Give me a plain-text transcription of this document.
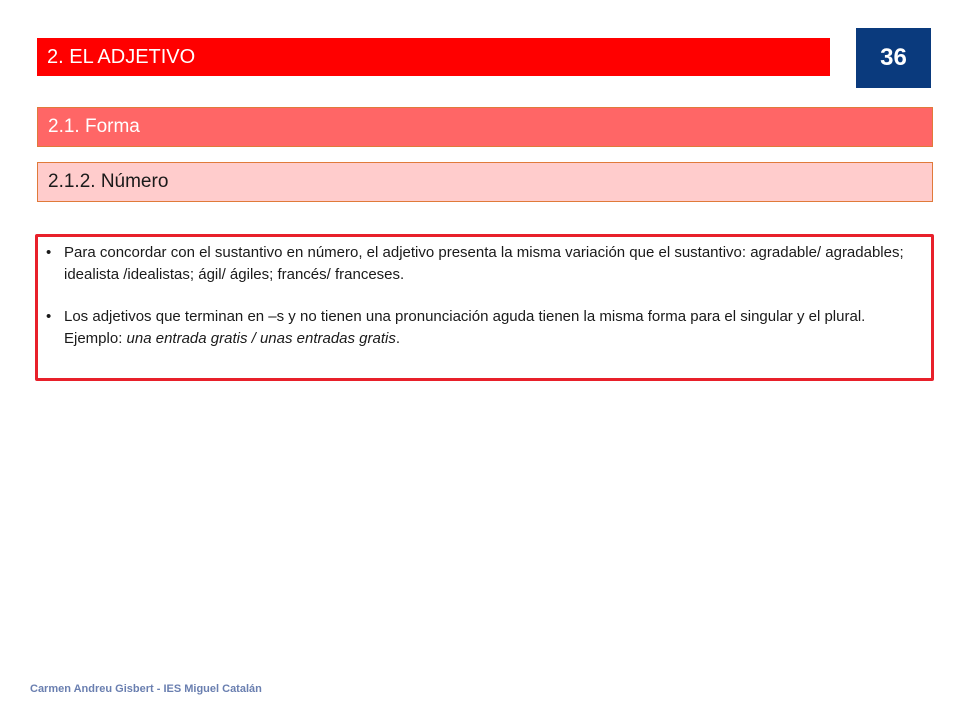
2. EL ADJETIVO	36
2.1. Forma
2.1.2. Número
• Para concordar con el sustantivo en número, el adjetivo presenta la misma variación que el sustantivo: agradable/ agradables; idealista /idealistas; ágil/ ágiles; francés/ franceses.
• Los adjetivos que terminan en –s y no tienen una pronunciación aguda tienen la misma forma para el singular y el plural. Ejemplo: una entrada gratis / unas entradas gratis.
Carmen Andreu Gisbert - IES Miguel Catalán
